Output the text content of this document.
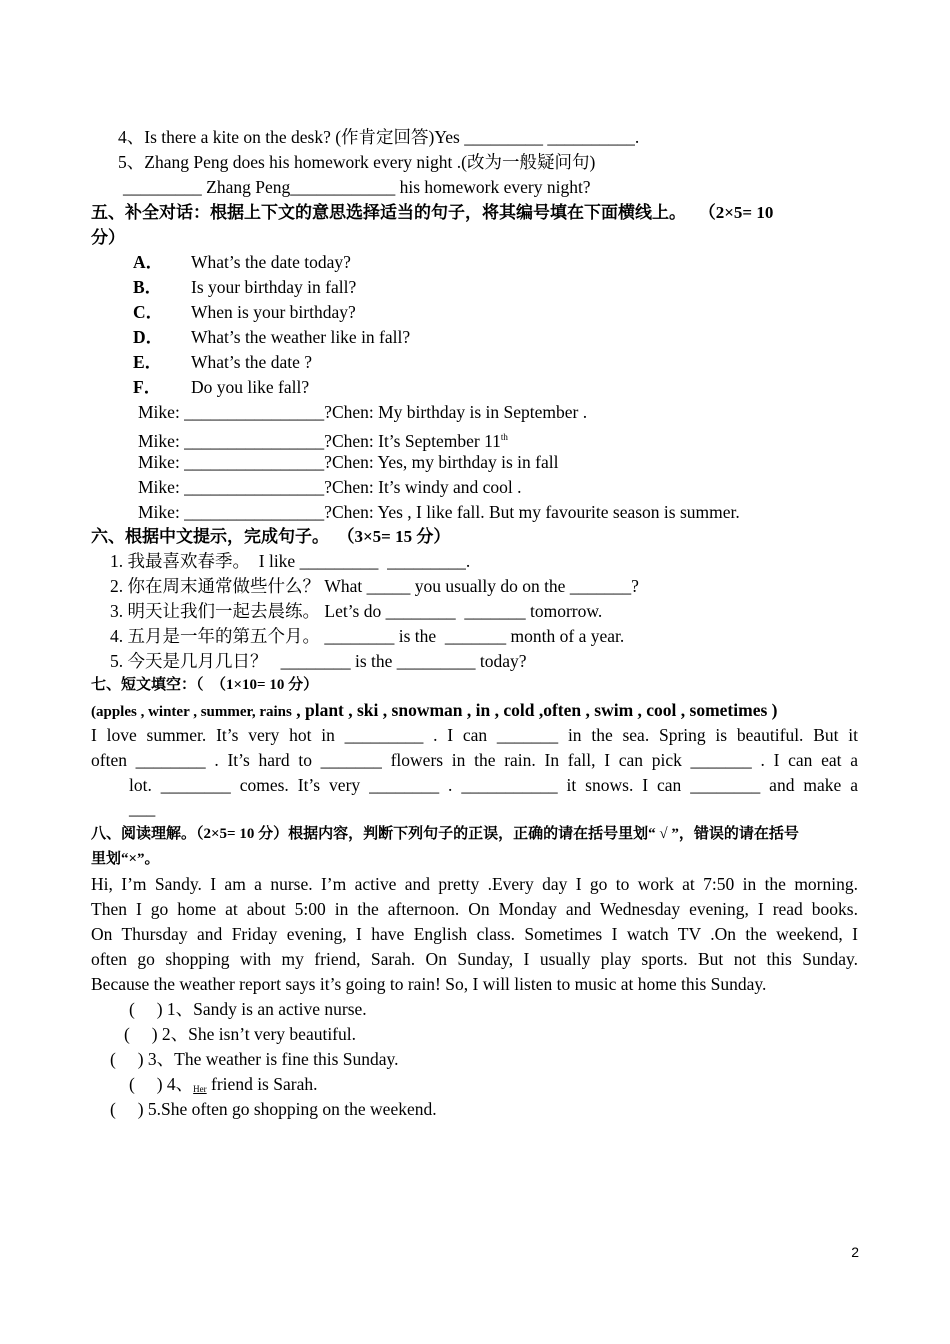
4、Is there a kite on the desk? (作肯定回答)Yes _________ __________.
5、Zhang Peng does his homework every night .(改为一般疑问句)
_________ Zhang Peng____________ his homework every night?
五、补全对话：根据上下文的意思选择适当的句子，将其编号填在下面横线上。   （2×5= 10
分）
A． What’s the date today?
B． Is your birthday in fall?
C． When is your birthday?
D． What’s the weather like in fall?
E． What’s the date ?
F． Do you like fall?
Mike: ________________?Chen: My birthday is in September .
Mike: ________________?Chen: It’s September 11th
Mike: ________________?Chen: Yes, my birthday is in fall
Mike: ________________?Chen: It’s windy and cool .
Mike: ________________?Chen: Yes , I like fall. But my favourite season is summer.
六、根据中文提示，完成句子。  （3×5= 15 分）
1. 我最喜欢春季。  I like _________  _________.
2. 你在周末通常做些什么？ What _____ you usually do on the _______?
3. 明天让我们一起去晨练。 Let’s do ________  _______ tomorrow.
4. 五月是一年的第五个月。 ________ is the  _______ month of a year.
5. 今天是几月几日？   ________ is the _________ today?
七、短文填空：（  （1×10= 10 分）
(apples , winter , summer, rains , plant , ski , snowman , in , cold ,often , swim , cool , sometimes )
I love summer. It’s very hot in _________ . I can _______ in the sea. Spring is beautiful. But it
often ________ . It’s hard to _______ flowers in the rain. In fall, I can pick _______ . I can eat a
lot. ________ comes. It’s very ________ . ___________ it snows. I can ________ and make a
___
八、阅读理解。（2×5= 10 分）根据内容，判断下列句子的正误，正确的请在括号里划“ √ ”，错误的请在括号
里划“×”。
Hi, I’m Sandy. I am a nurse. I’m active and pretty .Every day I go to work at 7:50 in the morning.
Then I go home at about 5:00 in the afternoon. On Monday and Wednesday evening, I read books.
On Thursday and Friday evening, I have English class. Sometimes I watch TV .On the weekend, I
often go shopping with my friend, Sarah. On Sunday, I usually play sports. But not this Sunday.
Because the weather report says it’s going to rain! So, I will listen to music at home this Sunday.
(     ) 1、Sandy is an active nurse.
(     ) 2、She isn’t very beautiful.
(     ) 3、The weather is fine this Sunday.
(     ) 4、Her friend is Sarah.
(     ) 5.She often go shopping on the weekend.
2
